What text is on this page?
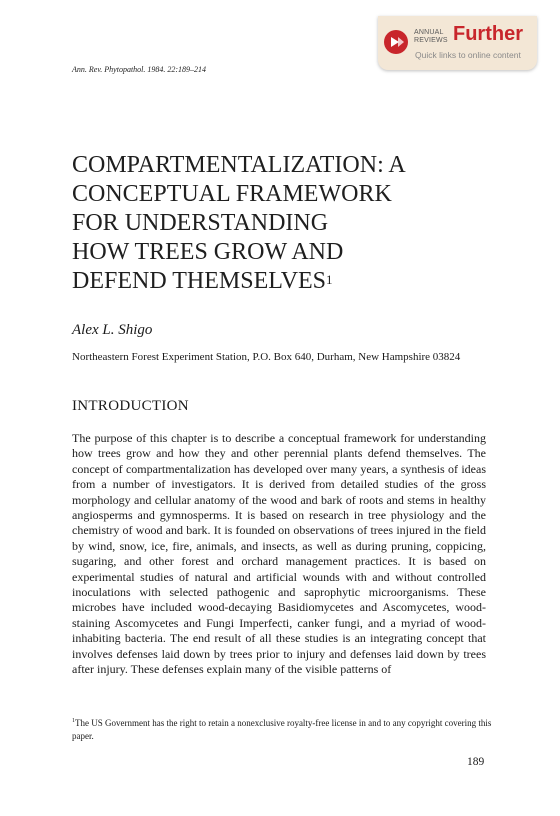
ANNUAL
REVIEWS Further
Quick links to online content
Ann. Rev. Phytopathol. 1984. 22:189–214
COMPARTMENTALIZATION: A
CONCEPTUAL FRAMEWORK
FOR UNDERSTANDING
HOW TREES GROW AND
DEFEND THEMSELVES$^1$
Alex L. Shigo
Northeastern Forest Experiment Station, P.O. Box 640, Durham, New Hampshire 03824
INTRODUCTION

The purpose of this chapter is to describe a conceptual framework for understanding how trees grow and how they and other perennial plants defend themselves. The concept of compartmentalization has developed over many years, a synthesis of ideas from a number of investigators. It is derived from detailed studies of the gross morphology and cellular anatomy of the wood and bark of roots and stems in healthy angiosperms and gymnosperms. It is based on research in tree physiology and the chemistry of wood and bark. It is founded on observations of trees injured in the field by wind, snow, ice, fire, animals, and insects, as well as during pruning, coppicing, sugaring, and other forest and orchard management practices. It is based on experimental studies of natural and artificial wounds with and without controlled inoculations with selected pathogenic and saprophytic microorganisms. These microbes have included wood-decaying Basidiomycetes and Ascomycetes, wood-staining Ascomycetes and Fungi Imperfecti, canker fungi, and a myriad of wood-inhabiting bacteria. The end result of all these studies is an integrating concept that involves defenses laid down by trees prior to injury and defenses laid down by trees after injury. These defenses explain many of the visible patterns of

$^1$The US Government has the right to retain a nonexclusive royalty-free license in and to any copyright covering this paper.
189
